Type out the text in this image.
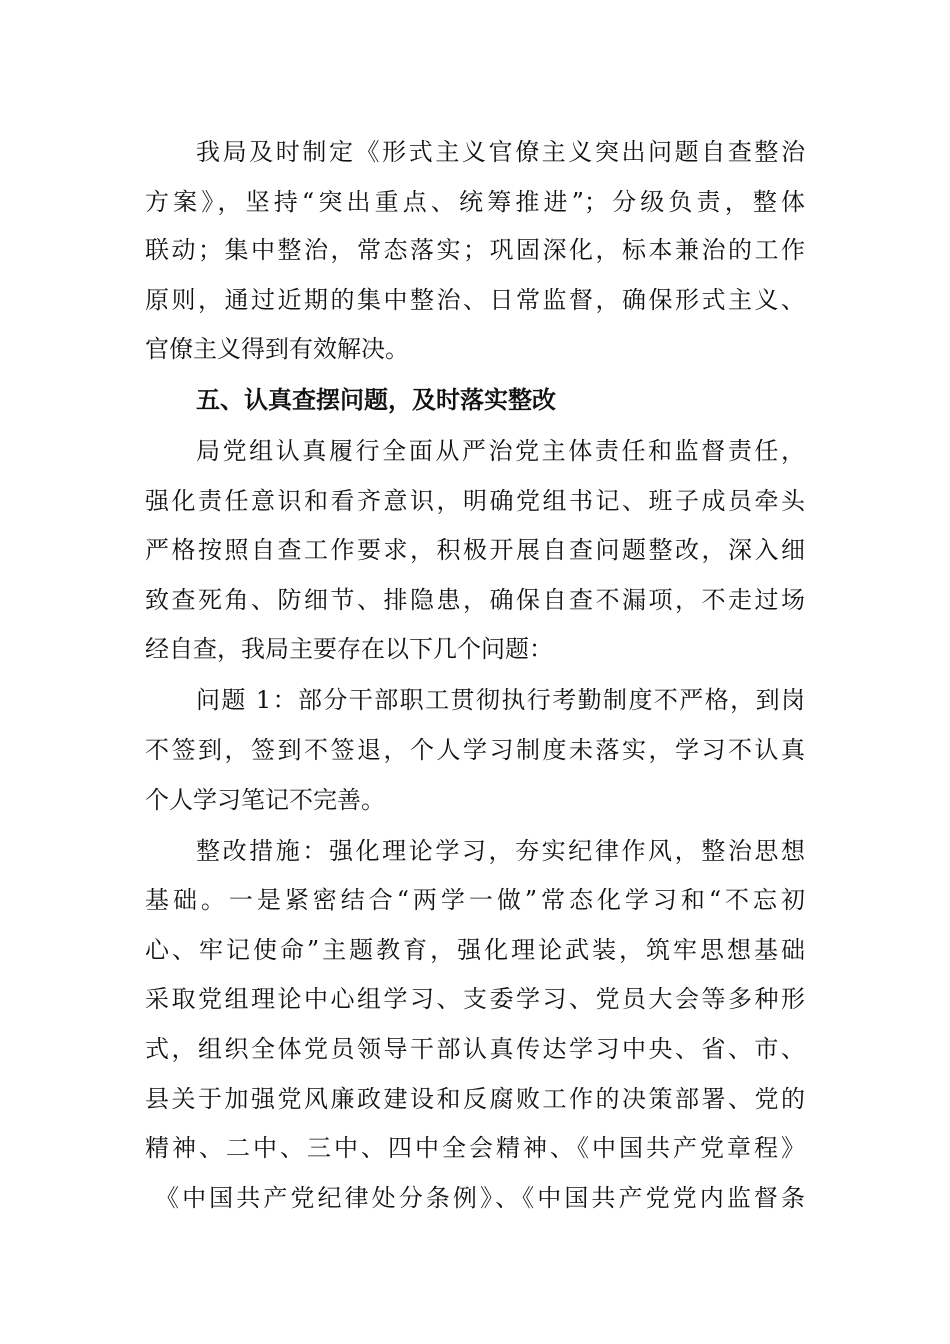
我局及时制定《形式主义官僚主义突出问题自查整治
方案》，坚持“突出重点、统筹推进”；分级负责，整体
联动；集中整治，常态落实；巩固深化，标本兼治的工作
原则，通过近期的集中整治、日常监督，确保形式主义、
官僚主义得到有效解决。
五、认真查摆问题，及时落实整改
局党组认真履行全面从严治党主体责任和监督责任，
强化责任意识和看齐意识，明确党组书记、班子成员牵头
严格按照自查工作要求，积极开展自查问题整改，深入细
致查死角、防细节、排隐患，确保自查不漏项，不走过场
经自查，我局主要存在以下几个问题：
问题 1：部分干部职工贯彻执行考勤制度不严格，到岗
不签到，签到不签退，个人学习制度未落实，学习不认真
个人学习笔记不完善。
整改措施：强化理论学习，夯实纪律作风，整治思想
基础。一是紧密结合“两学一做”常态化学习和“不忘初
心、牢记使命”主题教育，强化理论武装，筑牢思想基础
采取党组理论中心组学习、支委学习、党员大会等多种形
式，组织全体党员领导干部认真传达学习中央、省、市、
县关于加强党风廉政建设和反腐败工作的决策部署、党的
精神、二中、三中、四中全会精神、《中国共产党章程》
《中国共产党纪律处分条例》、《中国共产党党内监督条
